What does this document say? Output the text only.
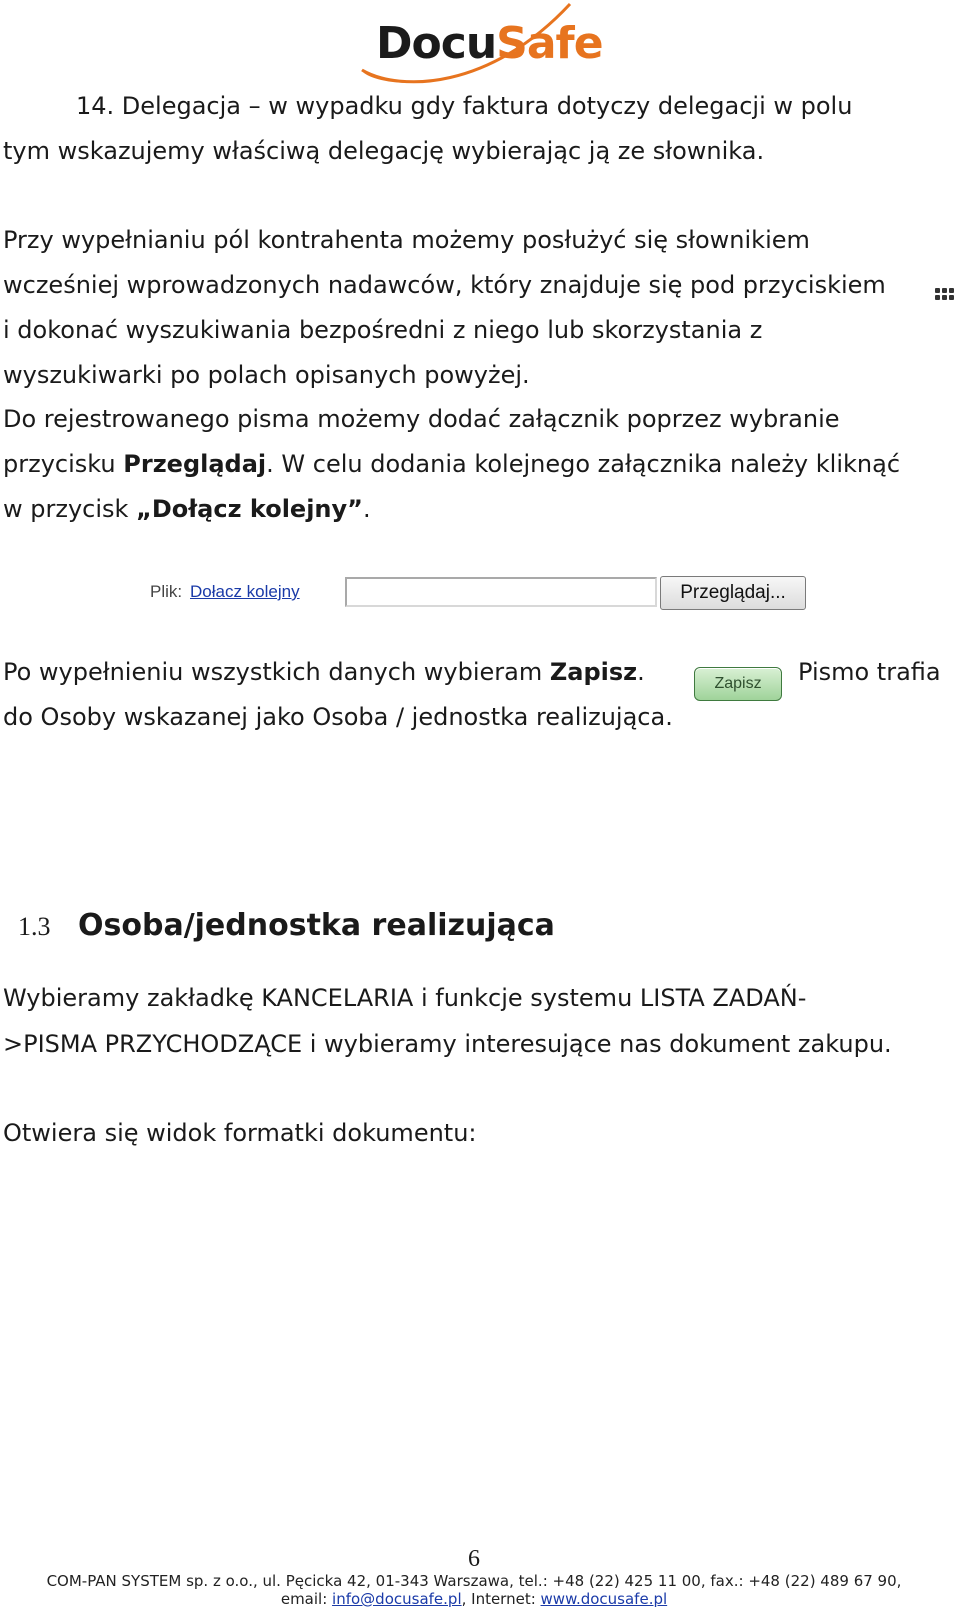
DocuSafe
14. Delegacja – w wypadku gdy faktura dotyczy delegacji w polu
tym wskazujemy właściwą delegację wybierając ją ze słownika.
Przy wypełnianiu pól kontrahenta możemy posłużyć się słownikiem
wcześniej wprowadzonych nadawców, który znajduje się pod przyciskiem
i dokonać wyszukiwania bezpośredni z niego lub skorzystania z
wyszukiwarki po polach opisanych powyżej.
Do rejestrowanego pisma możemy dodać załącznik poprzez wybranie
przycisku Przeglądaj. W celu dodania kolejnego załącznika należy kliknąć
w przycisk „Dołącz kolejny”.
Plik: Dołacz kolejny	Przeglądaj...
Po wypełnieniu wszystkich danych wybieram Zapisz.	Zapisz	Pismo trafia
do Osoby wskazanej jako Osoba / jednostka realizująca.
1.3 Osoba/jednostka realizująca
Wybieramy zakładkę KANCELARIA i funkcje systemu LISTA ZADAŃ-
>PISMA PRZYCHODZĄCE i wybieramy interesujące nas dokument zakupu.
Otwiera się widok formatki dokumentu:
6
COM-PAN SYSTEM sp. z o.o., ul. Pęcicka 42, 01-343 Warszawa, tel.: +48 (22) 425 11 00, fax.: +48 (22) 489 67 90,
email: info@docusafe.pl, Internet: www.docusafe.pl
